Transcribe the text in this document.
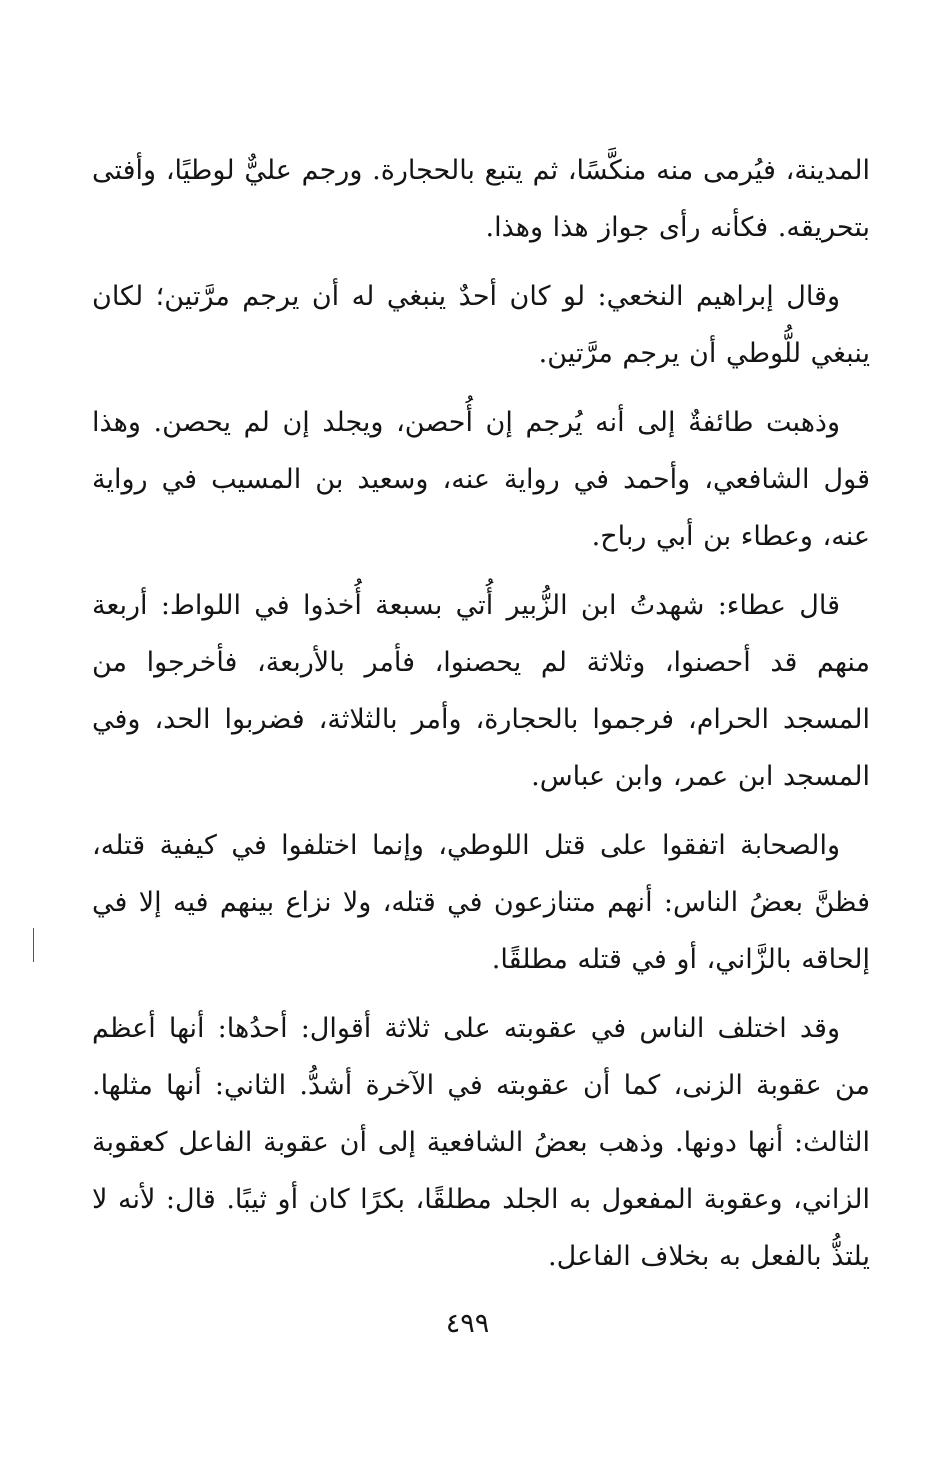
المدينة، فيُرمى منه منكَّسًا، ثم يتبع بالحجارة. ورجم عليٌّ لوطيًا، وأفتى بتحريقه. فكأنه رأى جواز هذا وهذا.

وقال إبراهيم النخعي: لو كان أحدٌ ينبغي له أن يرجم مرَّتين؛ لكان ينبغي للُّوطي أن يرجم مرَّتين.

وذهبت طائفةٌ إلى أنه يُرجم إن أُحصن، ويجلد إن لم يحصن. وهذا قول الشافعي، وأحمد في رواية عنه، وسعيد بن المسيب في رواية عنه، وعطاء بن أبي رباح.

قال عطاء: شهدتُ ابن الزُّبير أُتي بسبعة أُخذوا في اللواط: أربعة منهم قد أحصنوا، وثلاثة لم يحصنوا، فأمر بالأربعة، فأخرجوا من المسجد الحرام، فرجموا بالحجارة، وأمر بالثلاثة، فضربوا الحد، وفي المسجد ابن عمر، وابن عباس.

والصحابة اتفقوا على قتل اللوطي، وإنما اختلفوا في كيفية قتله، فظنَّ بعضُ الناس: أنهم متنازعون في قتله، ولا نزاع بينهم فيه إلا في إلحاقه بالزَّاني، أو في قتله مطلقًا.

وقد اختلف الناس في عقوبته على ثلاثة أقوال: أحدُها: أنها أعظم من عقوبة الزنى، كما أن عقوبته في الآخرة أشدُّ. الثاني: أنها مثلها. الثالث: أنها دونها. وذهب بعضُ الشافعية إلى أن عقوبة الفاعل كعقوبة الزاني، وعقوبة المفعول به الجلد مطلقًا، بكرًا كان أو ثيبًا. قال: لأنه لا يلتذُّ بالفعل به بخلاف الفاعل.

٤٩٩
